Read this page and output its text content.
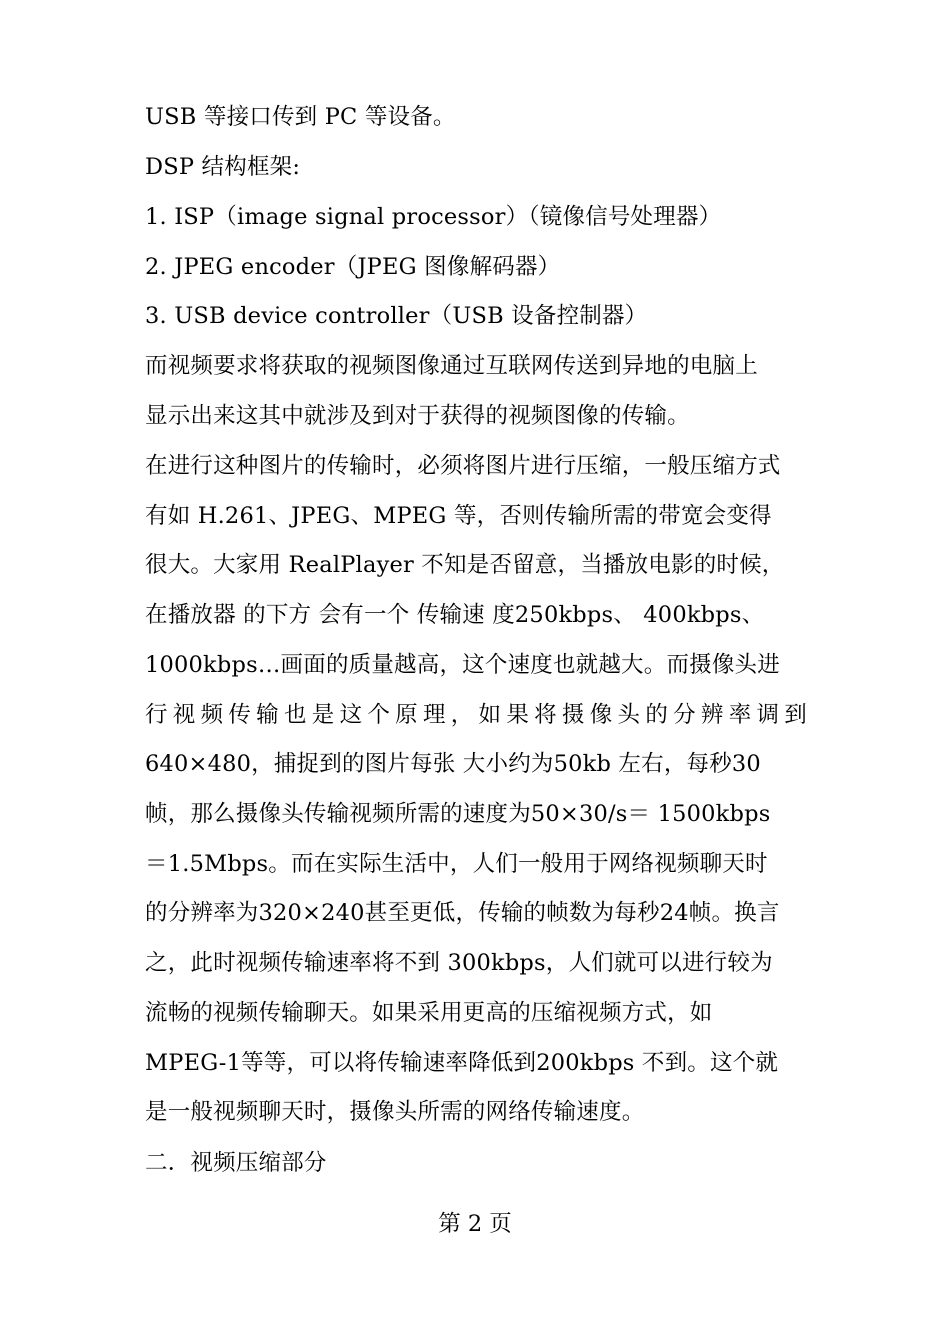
USB 等接口传到 PC 等设备。
DSP 结构框架:
1. ISP（image signal processor）（镜像信号处理器）
2. JPEG encoder（JPEG 图像解码器）
3. USB device controller（USB 设备控制器）
而视频要求将获取的视频图像通过互联网传送到异地的电脑上
显示出来这其中就涉及到对于获得的视频图像的传输。
在进行这种图片的传输时，必须将图片进行压缩，一般压缩方式
有如 H.261、JPEG、MPEG 等，否则传输所需的带宽会变得
很大。大家用 RealPlayer 不知是否留意，当播放电影的时候，
在播放器 的下方 会有一个 传输速 度250kbps、 400kbps、
1000kbps…画面的质量越高，这个速度也就越大。而摄像头进
行视频传输也是这个原理，如果将摄像头的分辨率调到
640×480，捕捉到的图片每张 大小约为50kb 左右，每秒30
帧，那么摄像头传输视频所需的速度为50×30/s＝ 1500kbps
＝1.5Mbps。而在实际生活中，人们一般用于网络视频聊天时
的分辨率为320×240甚至更低，传输的帧数为每秒24帧。换言
之，此时视频传输速率将不到 300kbps，人们就可以进行较为
流畅的视频传输聊天。如果采用更高的压缩视频方式，如
MPEG-1等等，可以将传输速率降低到200kbps 不到。这个就
是一般视频聊天时，摄像头所需的网络传输速度。
二．视频压缩部分
第 2 页
